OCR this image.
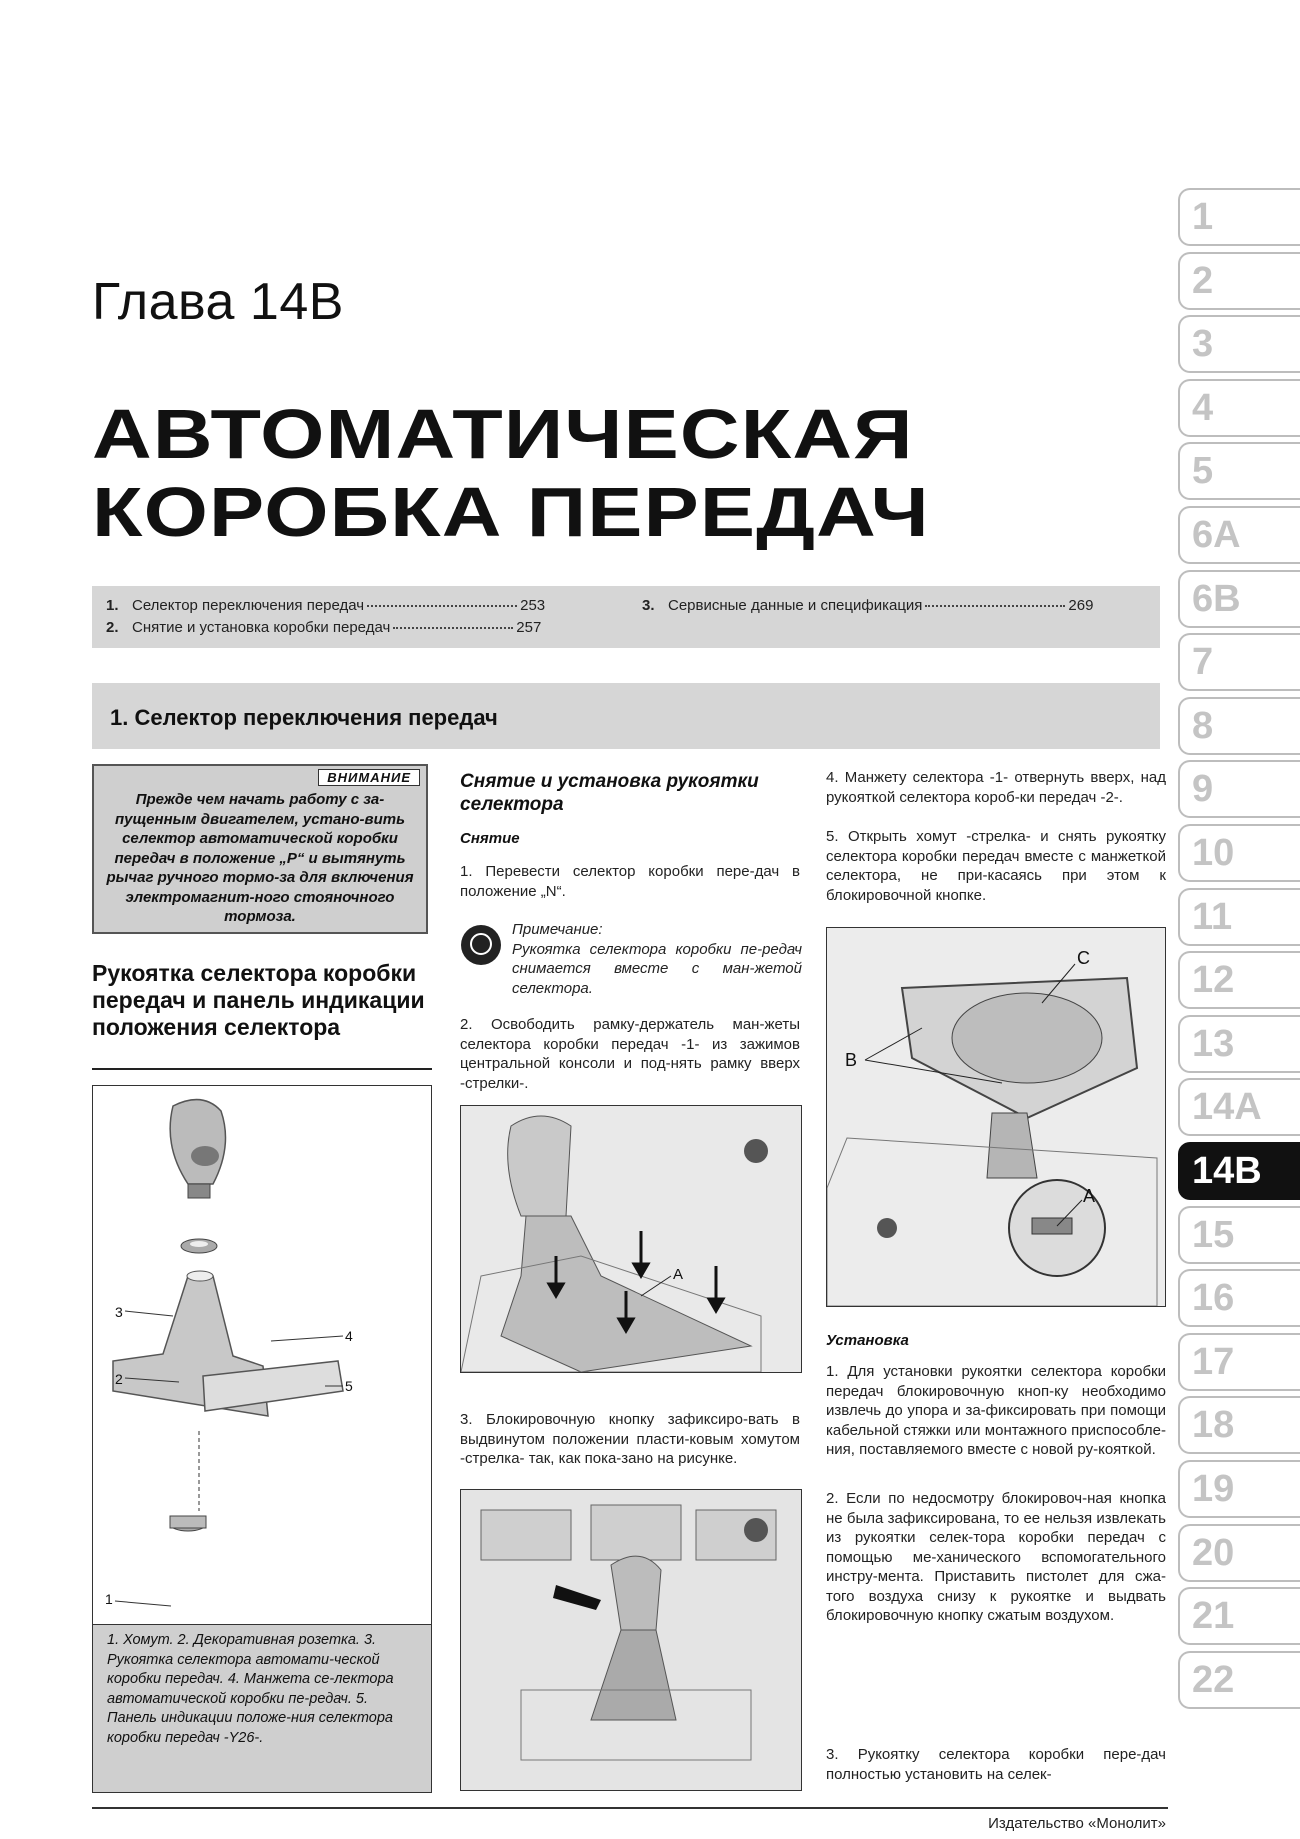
Глава 14В
АВТОМАТИЧЕСКАЯ
КОРОБКА ПЕРЕДАЧ
1. Селектор переключения передач	253
2. Снятие и установка коробки передач	257
3. Сервисные данные и спецификация	269
1. Селектор переключения передач
ВНИМАНИЕ
Прежде чем начать работу с за-пущенным двигателем, устано-вить селектор автоматической коробки передач в положение „Р“ и вытянуть рычаг ручного тормо-за для включения электромагнит-ного стояночного тормоза.
Рукоятка селектора коробки передач и панель индикации положения селектора
3
2
4
5
1
1. Хомут. 2. Декоративная розетка. 3. Рукоятка селектора автомати-ческой коробки передач. 4. Манжета се-лектора автоматической коробки пе-редач. 5. Панель индикации положе-ния селектора коробки передач -Y26-.
Снятие и установка рукоятки селектора
Снятие
1. Перевести селектор коробки пере-дач в положение „N“.
Примечание:
Рукоятка селектора коробки пе-редач снимается вместе с ман-жетой селектора.
2. Освободить рамку-держатель ман-жеты селектора коробки передач -1- из зажимов центральной консоли и под-нять рамку вверх -стрелки-.
A
3. Блокировочную кнопку зафиксиро-вать в выдвинутом положении пласти-ковым хомутом -стрелка- так, как пока-зано на рисунке.
4. Манжету селектора -1- отвернуть вверх, над рукояткой селектора короб-ки передач -2-.
5. Открыть хомут -стрелка- и снять рукоятку селектора коробки передач вместе с манжеткой селектора, не при-касаясь при этом к блокировочной кнопке.
C
B
A
Установка
1. Для установки рукоятки селектора коробки передач блокировочную кноп-ку необходимо извлечь до упора и за-фиксировать при помощи кабельной стяжки или монтажного приспособле-ния, поставляемого вместе с новой ру-кояткой.
2. Если по недосмотру блокировоч-ная кнопка не была зафиксирована, то ее нельзя извлекать из рукоятки селек-тора коробки передач с помощью ме-ханического вспомогательного инстру-мента. Приставить пистолет для сжа-того воздуха снизу к рукоятке и выдвать блокировочную кнопку сжатым воздухом.
3. Рукоятку селектора коробки пере-дач полностью установить на селек-
1
2
3
4
5
6А
6В
7
8
9
10
11
12
13
14А
14В
15
16
17
18
19
20
21
22
Издательство «Монолит»
